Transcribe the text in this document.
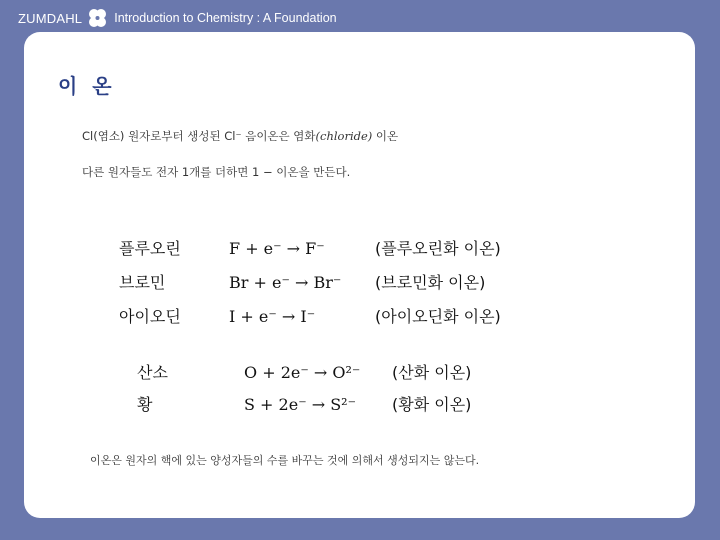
ZUMDAHL	Introduction to Chemistry : A Foundation
이 온
Cl(염소) 원자로부터 생성된 Cl⁻ 음이온은 염화(chloride) 이온
다른 원자들도 전자 1개를 더하면 1 − 이온을 만든다.
플루오린	F + e⁻ → F⁻	(플루오린화 이온)
브로민	Br + e⁻ → Br⁻	(브로민화 이온)
아이오딘	I + e⁻ → I⁻	(아이오딘화 이온)
산소	O + 2e⁻ → O²⁻	(산화 이온)
황	S + 2e⁻ → S²⁻	(황화 이온)
이온은 원자의 핵에 있는 양성자들의 수를 바꾸는 것에 의해서 생성되지는 않는다.
